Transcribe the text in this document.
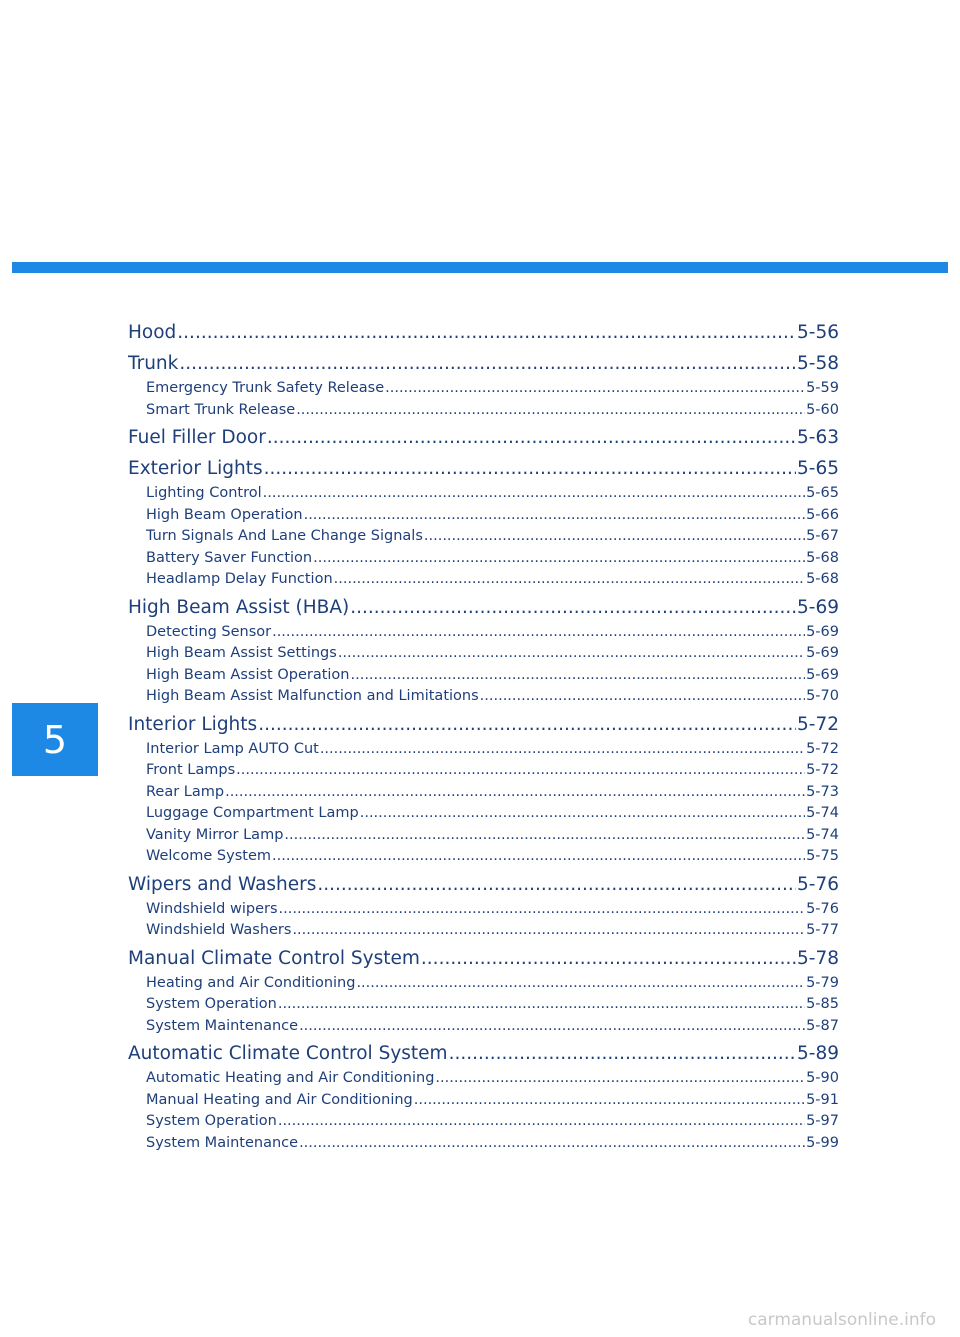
5
Hood .....	5-56
Trunk .....	5-58
Emergency Trunk Safety Release .....	5-59
Smart Trunk Release .....	5-60
Fuel Filler Door .....	5-63
Exterior Lights .....	5-65
Lighting Control .....	5-65
High Beam Operation .....	5-66
Turn Signals And Lane Change Signals .....	5-67
Battery Saver Function .....	5-68
Headlamp Delay Function .....	5-68
High Beam Assist (HBA) .....	5-69
Detecting Sensor .....	5-69
High Beam Assist Settings .....	5-69
High Beam Assist Operation .....	5-69
High Beam Assist Malfunction and Limitations .....	5-70
Interior Lights .....	5-72
Interior Lamp AUTO Cut .....	5-72
Front Lamps .....	5-72
Rear Lamp .....	5-73
Luggage Compartment Lamp .....	5-74
Vanity Mirror Lamp .....	5-74
Welcome System .....	5-75
Wipers and Washers .....	5-76
Windshield wipers .....	5-76
Windshield Washers .....	5-77
Manual Climate Control System .....	5-78
Heating and Air Conditioning .....	5-79
System Operation .....	5-85
System Maintenance .....	5-87
Automatic Climate Control System .....	5-89
Automatic Heating and Air Conditioning .....	5-90
Manual Heating and Air Conditioning .....	5-91
System Operation .....	5-97
System Maintenance .....	5-99
carmanualsonline.info
